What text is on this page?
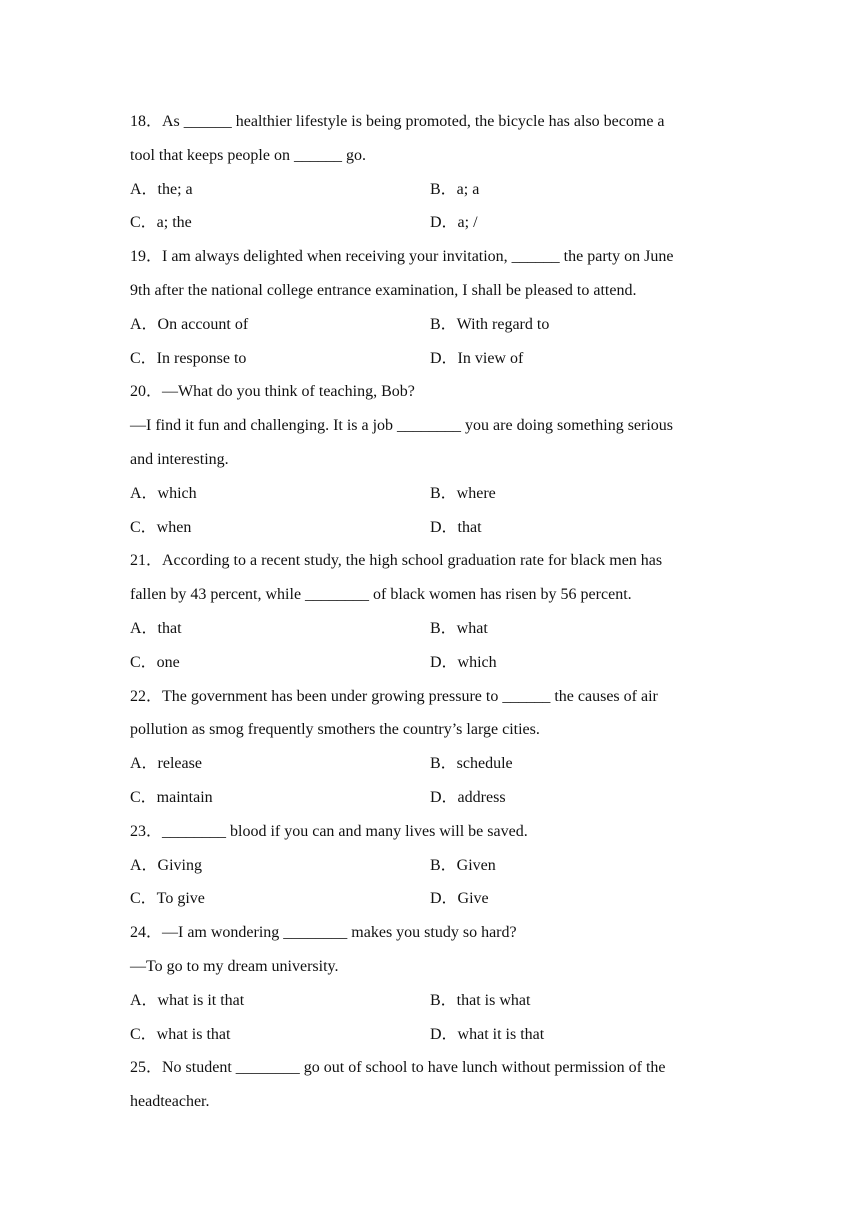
18．As ______ healthier lifestyle is being promoted, the bicycle has also become a
tool that keeps people on ______ go.
A．the; a	B．a; a
C．a; the	D．a; /
19．I am always delighted when receiving your invitation, ______ the party on June
9th after the national college entrance examination, I shall be pleased to attend.
A．On account of	B．With regard to
C．In response to	D．In view of
20．—What do you think of teaching, Bob?
—I find it fun and challenging. It is a job ________ you are doing something serious
and interesting.
A．which	B．where
C．when	D．that
21．According to a recent study, the high school graduation rate for black men has
fallen by 43 percent, while ________ of black women has risen by 56 percent.
A．that	B．what
C．one	D．which
22．The government has been under growing pressure to ______ the causes of air
pollution as smog frequently smothers the country’s large cities.
A．release	B．schedule
C．maintain	D．address
23．________ blood if you can and many lives will be saved.
A．Giving	B．Given
C．To give	D．Give
24．—I am wondering ________ makes you study so hard?
—To go to my dream university.
A．what is it that	B．that is what
C．what is that	D．what it is that
25．No student ________ go out of school to have lunch without permission of the
headteacher.
